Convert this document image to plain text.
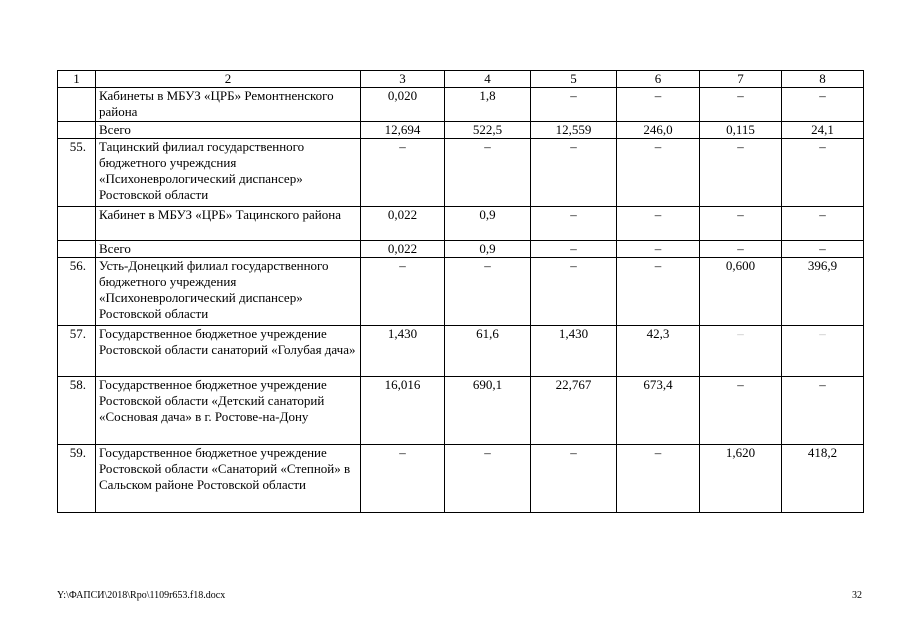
1	2	3	4	5	6	7	8
	Кабинеты в МБУЗ «ЦРБ» Ремонтненского района	0,020	1,8	–	–	–	–
	Всего	12,694	522,5	12,559	246,0	0,115	24,1
55.	Тацинский филиал государственного бюджетного учреждсния «Психоневрологический диспансер» Ростовской области	–	–	–	–	–	–
	Кабинет в МБУЗ «ЦРБ» Тацинского района	0,022	0,9	–	–	–	–
	Всего	0,022	0,9	–	–	–	–
56.	Усть-Донецкий филиал государственного бюджетного учреждения «Психоневрологический диспансер» Ростовской области	–	–	–	–	0,600	396,9
57.	Государственное бюджетное учреждение Ростовской области санаторий «Голубая дача»	1,430	61,6	1,430	42,3	–	–
58.	Государственное бюджетное учреждение Ростовской области «Детский санаторий «Сосновая дача» в г. Ростове-на-Дону	16,016	690,1	22,767	673,4	–	–
59.	Государственное бюджетное учреждение Ростовской области «Санаторий «Степной» в Сальском районе Ростовской области	–	–	–	–	1,620	418,2
Y:\ФАПСИ\2018\Rpo\1109r653.f18.docx	32
